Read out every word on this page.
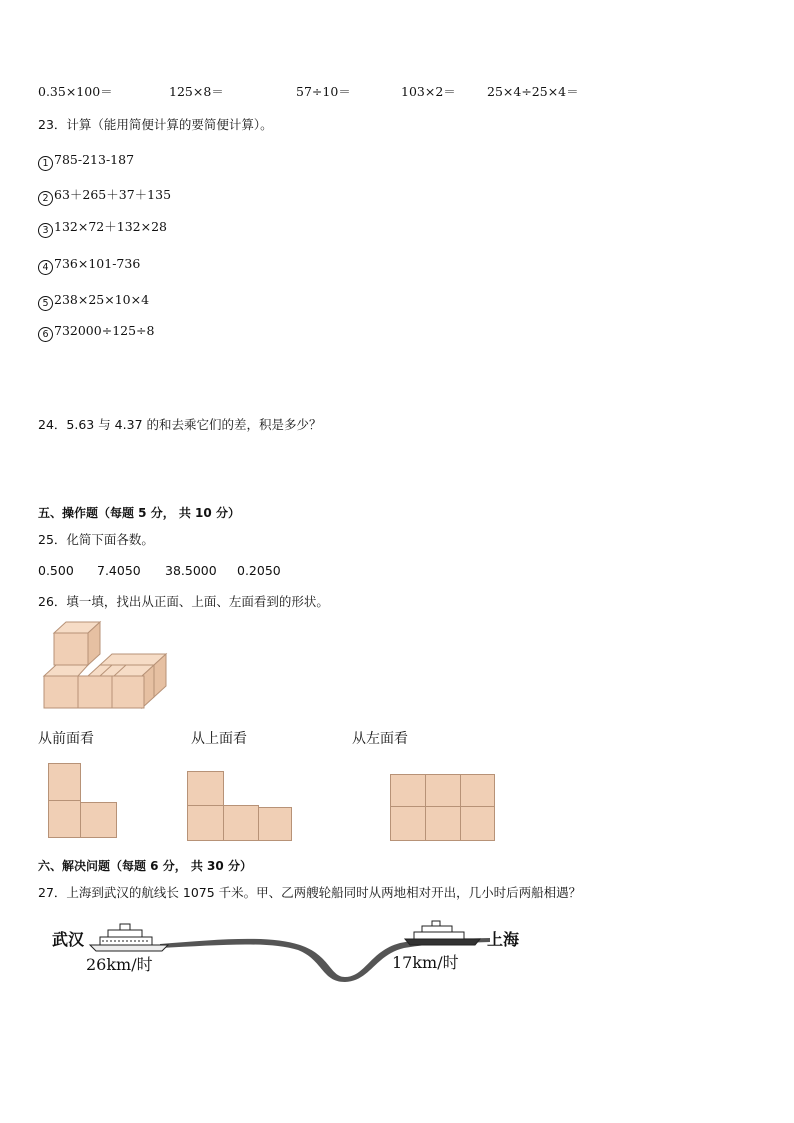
0.35×100＝	125×8＝	57÷10＝	103×2＝ 25×4÷25×4＝
23．计算（能用简便计算的要简便计算）。
1 785-213-187
2 63＋265＋37＋135
3 132×72＋132×28
4 736×101-736
5 238×25×10×4
6 732000÷125÷8
24．5.63 与 4.37 的和去乘它们的差，积是多少？
五、操作题（每题 5 分， 共 10 分）
25．化简下面各数。
0.500 7.4050 38.5000 0.2050
26．填一填，找出从正面、上面、左面看到的形状。
从前面看	从上面看	从左面看
六、解决问题（每题 6 分， 共 30 分）
27．上海到武汉的航线长 1075 千米。甲、乙两艘轮船同时从两地相对开出，几小时后两船相遇？
武汉	上海
26km/时	17km/时
